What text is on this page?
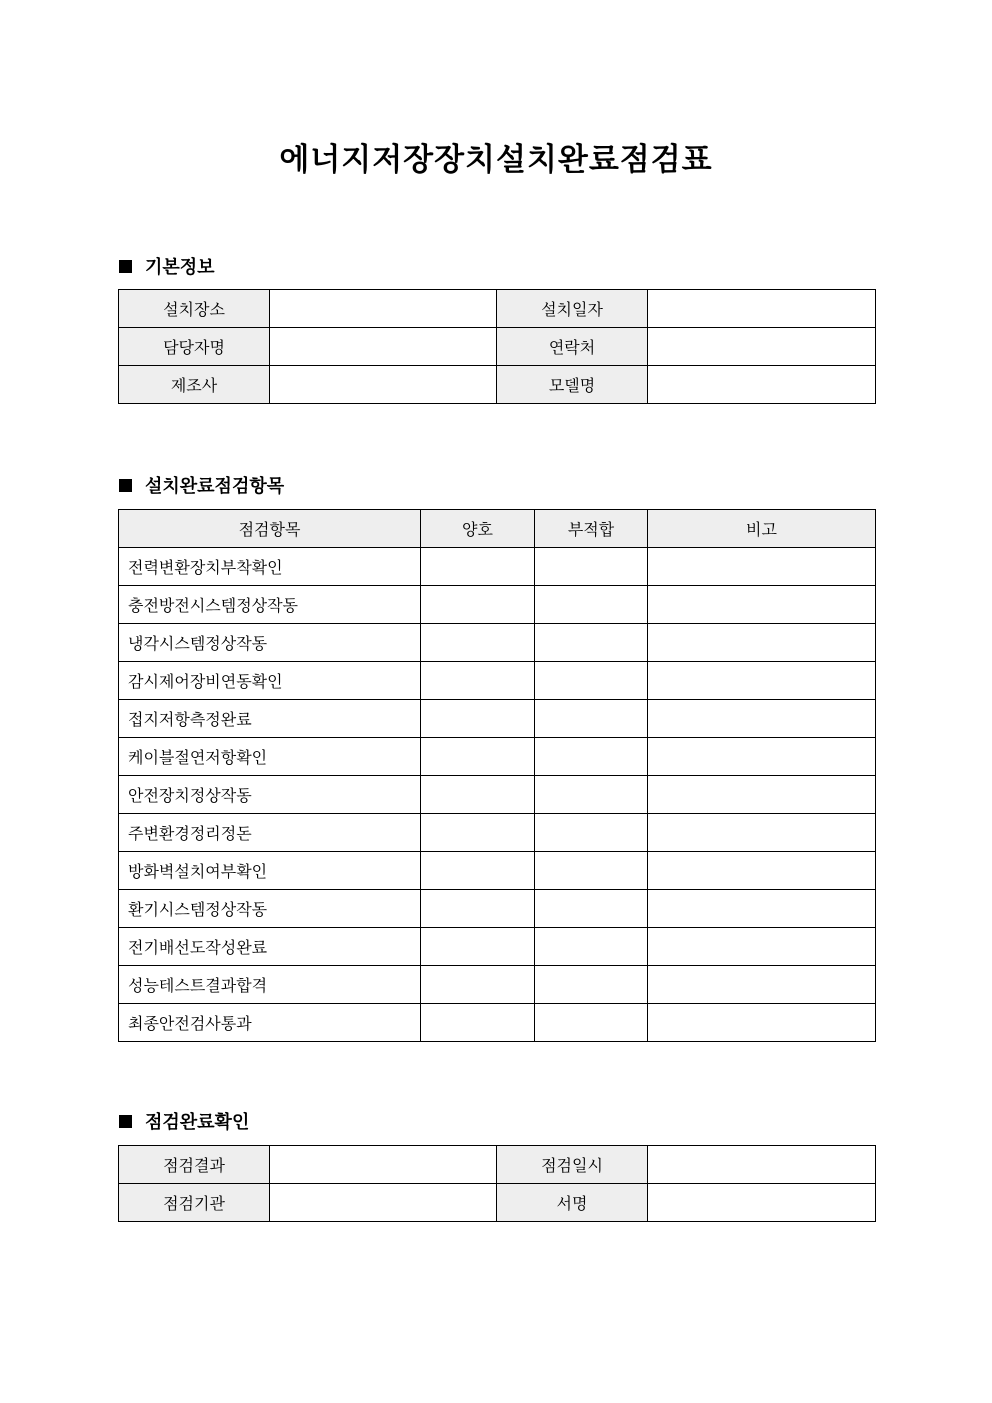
에너지저장장치설치완료점검표
기본정보
설치장소		설치일자	
담당자명		연락처	
제조사		모델명	
설치완료점검항목
점검항목	양호	부적합	비고
전력변환장치부착확인			
충전방전시스템정상작동			
냉각시스템정상작동			
감시제어장비연동확인			
접지저항측정완료			
케이블절연저항확인			
안전장치정상작동			
주변환경정리정돈			
방화벽설치여부확인			
환기시스템정상작동			
전기배선도작성완료			
성능테스트결과합격			
최종안전검사통과			
점검완료확인
점검결과		점검일시	
점검기관		서명	
